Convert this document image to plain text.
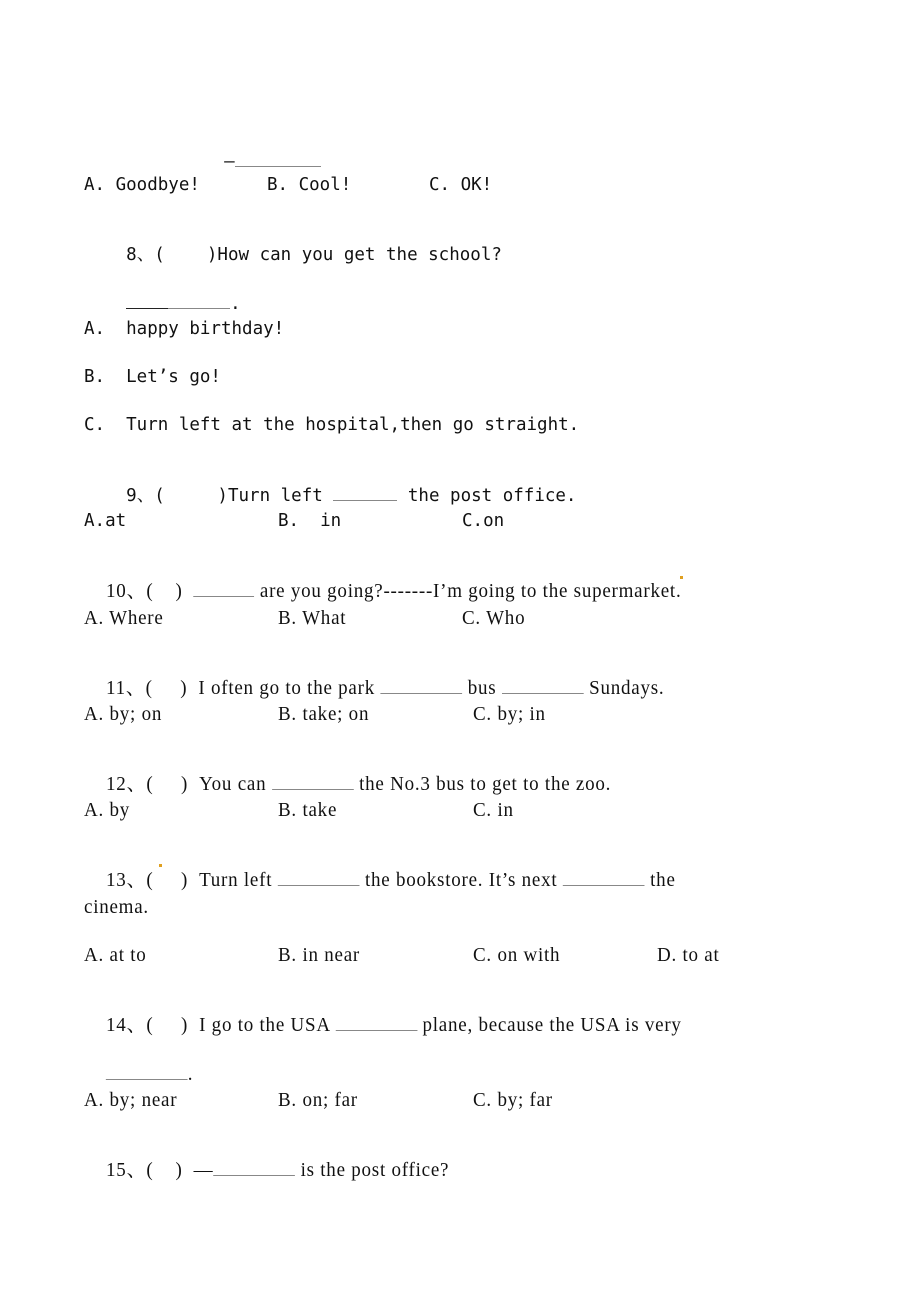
—

A. Goodbye!	B. Cool!	C. OK!

8、(    )How can you get the school?

.

A.  happy birthday!
B.  Let’s go!
C.  Turn left at the hospital,then go straight.

9、(     )Turn left	the post office.

A.at	B.  in	C.on

10、(    )	are you going?-------I’m going to the supermarket.

A. Where	B. What	C. Who

11、(     ) I often go to the park	bus	Sundays.

A. by; on	B. take; on	C. by; in

12、(     ) You can	the No.3 bus to get to the zoo.

A. by	B. take	C. in

13、(     ) Turn left	the bookstore. It’s next	the

cinema.
A. at to	B. in near	C. on with	D. to at

14、(     ) I go to the USA	plane, because the USA is very

.

A. by; near	B. on; far	C. by; far

15、(    ) —	is the post office?
